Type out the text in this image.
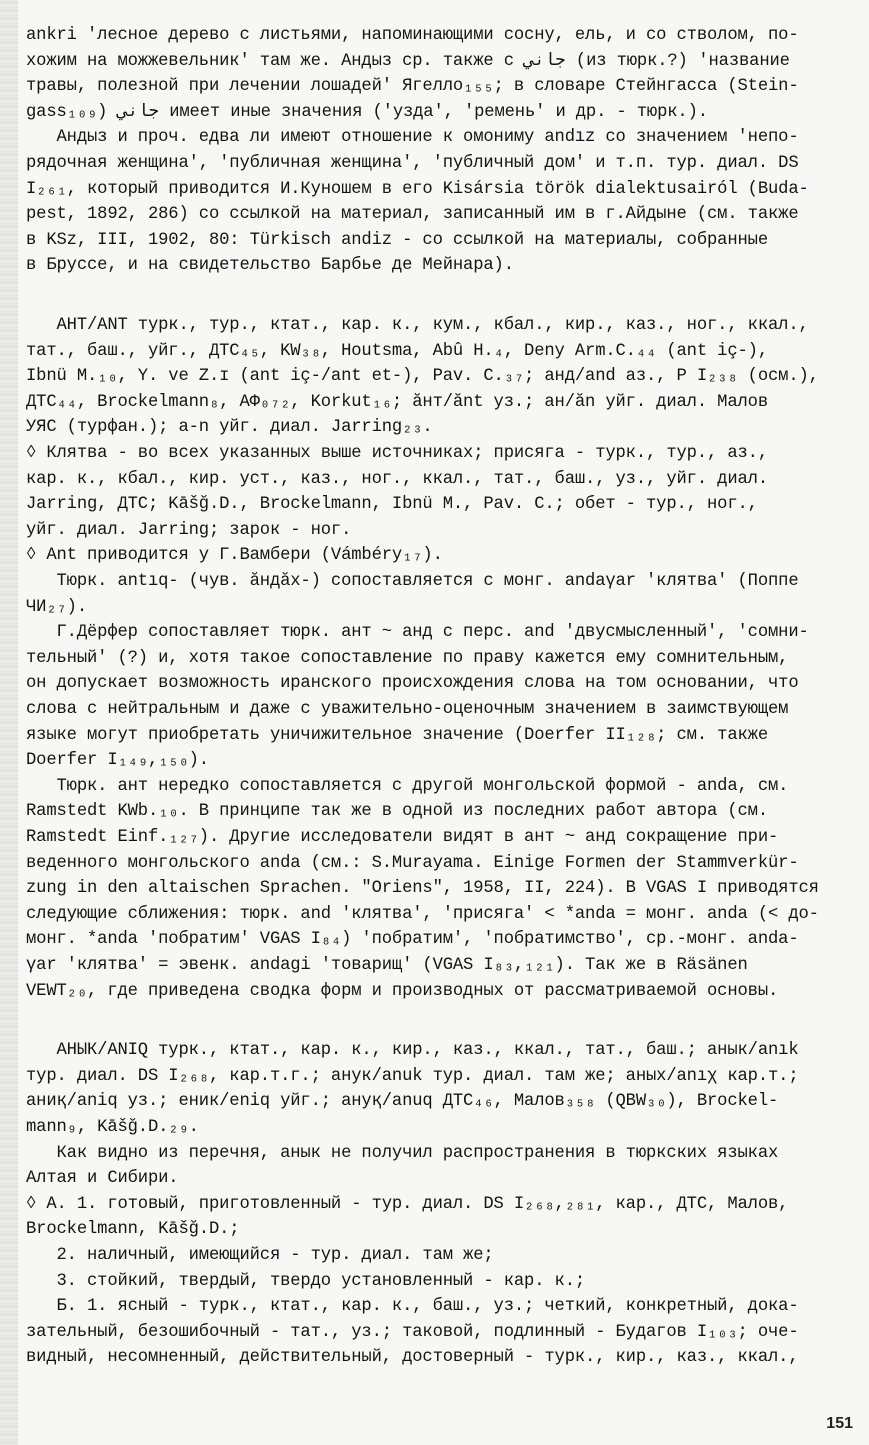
ankri 'лесное дерево с листьями, напоминающими сосну, ель, и со стволом, по-
хожим на можжевельник' там же. Андыз ср. также с جاني (из тюрк.?) 'название
травы, полезной при лечении лошадей' Ягеллo₁₅₅; в словаре Стейнгасса (Stein-
gass₁₀₉) جاني имеет иные значения ('узда', 'ремень' и др. - тюрк.).
Андыз и проч. едва ли имеют отношение к омониму andız со значением 'непо-
рядочная женщина', 'публичная женщина', 'публичный дом' и т.п. тур. диал. DS
I₂₆₁, который приводится И.Куношем в его Kisársia török dialektusairól (Buda-
pest, 1892, 286) со ссылкой на материал, записанный им в г.Айдыне (см. также
в KSz, III, 1902, 80: Türkisch andiz - со ссылкой на материалы, собранные
в Бруссе, и на свидетельство Барбье де Мейнара).
АНТ/ANT турк., тур., ктат., кар. к., кум., кбал., кир., каз., ног., ккал.,
тат., баш., уйг., ДТС₄₅, KW₃₈, Houtsma, Abû H.₄, Deny Arm.C.₄₄ (ant iç-),
Ibnü M.₁₀, Y. ve Z.ɪ (ant iç-/ant et-), Pav. C.₃₇; анд/and аз., P I₂₃₈ (осм.),
ДТС₄₄, Brockelmann₈, АФ₀₇₂, Korkut₁₆; ăнт/ănt уз.; ан/ăn уйг. диал. Малов
УЯС (турфан.); a-n уйг. диал. Jarring₂₃.
◊ Клятва - во всех указанных выше источниках; присяга - турк., тур., аз.,
кар. к., кбал., кир. уст., каз., ног., ккал., тат., баш., уз., уйг. диал.
Jarring, ДТС; Kāšğ.D., Brockelmann, Ibnü M., Pav. C.; обет - тур., ног.,
уйг. диал. Jarring; зарок - ног.
◊ Ant приводится у Г.Вамбери (Vámbéry₁₇).
Тюрк. antıq- (чув. ăндăх-) сопоставляется с монг. andaγar 'клятва' (Поппе
ЧИ₂₇).
Г.Дёрфер сопоставляет тюрк. ант ~ анд с перс. and 'двусмысленный', 'сомни-
тельный' (?) и, хотя такое сопоставление по праву кажется ему сомнительным,
он допускает возможность иранского происхождения слова на том основании, что
слова с нейтральным и даже с уважительно-оценочным значением в заимствующем
языке могут приобретать уничижительное значение (Doerfer II₁₂₈; см. также
Doerfer I₁₄₉,₁₅₀).
Тюрк. ант нередко сопоставляется с другой монгольской формой - anda, см.
Ramstedt KWb.₁₀. В принципе так же в одной из последних работ автора (см.
Ramstedt Einf.₁₂₇). Другие исследователи видят в ант ~ анд сокращение при-
веденного монгольского anda (см.: S.Murayama. Einige Formen der Stammverkür-
zung in den altaischen Sprachen. "Oriens", 1958, II, 224). В VGAS I приводятся
следующие сближения: тюрк. and 'клятва', 'присяга' < *anda = монг. anda (< до-
монг. *anda 'побратим' VGAS I₈₄) 'побратим', 'побратимство', ср.-монг. anda-
γar 'клятва' = эвенк. andagi 'товарищ' (VGAS I₈₃,₁₂₁). Так же в Räsänen
VEWT₂₀, где приведена сводка форм и производных от рассматриваемой основы.
АНЫК/ANIQ турк., ктат., кар. к., кир., каз., ккал., тат., баш.; анык/anık
тур. диал. DS I₂₆₈, кар.т.г.; анук/anuk тур. диал. там же; аных/anıχ кар.т.;
аниқ/aniq уз.; еник/eniq уйг.; ануқ/anuq ДТС₄₆, Малов₃₅₈ (QBW₃₀), Brockel-
mann₉, Kāšğ.D.₂₉.
Как видно из перечня, анык не получил распространения в тюркских языках
Алтая и Сибири.
◊ А. 1. готовый, приготовленный - тур. диал. DS I₂₆₈,₂₈₁, кар., ДТС, Малов,
Brockelmann, Kāšğ.D.;
2. наличный, имеющийся - тур. диал. там же;
3. стойкий, твердый, твердо установленный - кар. к.;
Б. 1. ясный - турк., ктат., кар. к., баш., уз.; четкий, конкретный, дока-
зательный, безошибочный - тат., уз.; таковой, подлинный - Будагов I₁₀₃; оче-
видный, несомненный, действительный, достоверный - турк., кир., каз., ккал.,
151
